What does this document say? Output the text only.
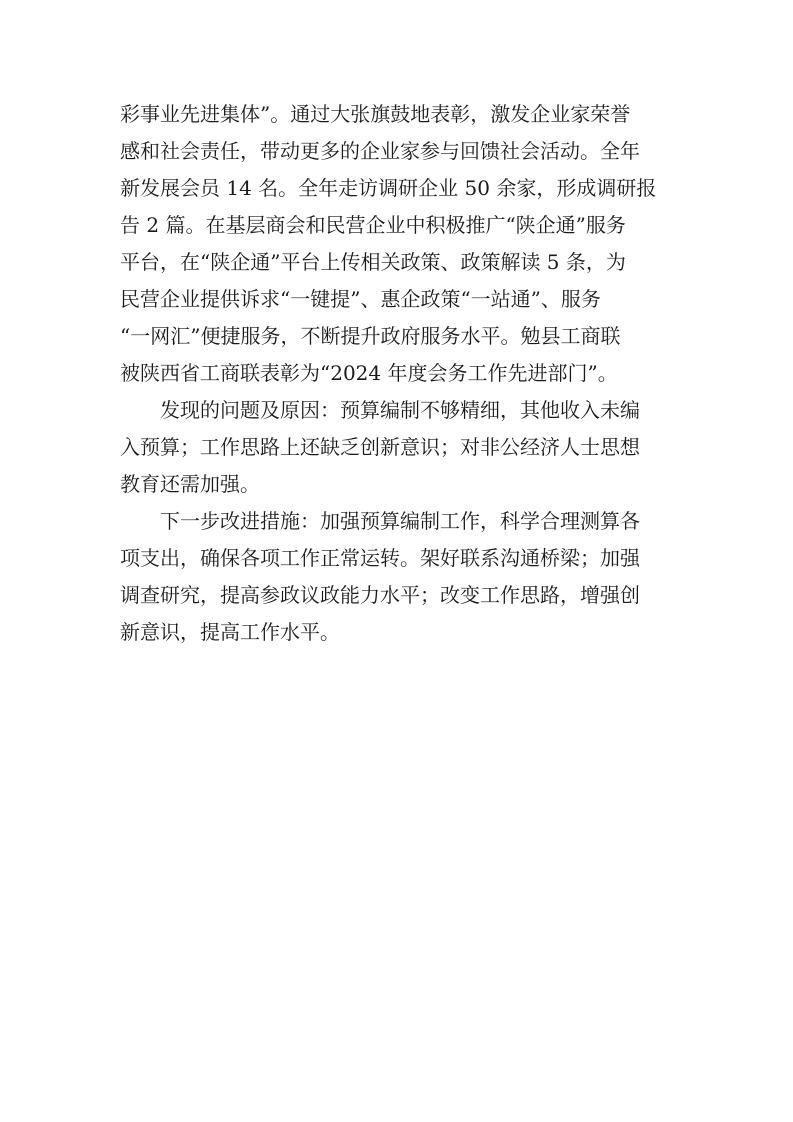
彩事业先进集体”。通过大张旗鼓地表彰，激发企业家荣誉
感和社会责任，带动更多的企业家参与回馈社会活动。全年
新发展会员 14 名。全年走访调研企业 50 余家，形成调研报
告 2 篇。在基层商会和民营企业中积极推广“陕企通”服务
平台，在“陕企通”平台上传相关政策、政策解读 5 条，为
民营企业提供诉求“一键提”、惠企政策“一站通”、服务
“一网汇”便捷服务，不断提升政府服务水平。勉县工商联
被陕西省工商联表彰为“2024 年度会务工作先进部门”。
　　发现的问题及原因：预算编制不够精细，其他收入未编
入预算；工作思路上还缺乏创新意识；对非公经济人士思想
教育还需加强。
　　下一步改进措施：加强预算编制工作，科学合理测算各
项支出，确保各项工作正常运转。架好联系沟通桥梁；加强
调查研究，提高参政议政能力水平；改变工作思路，增强创
新意识，提高工作水平。
